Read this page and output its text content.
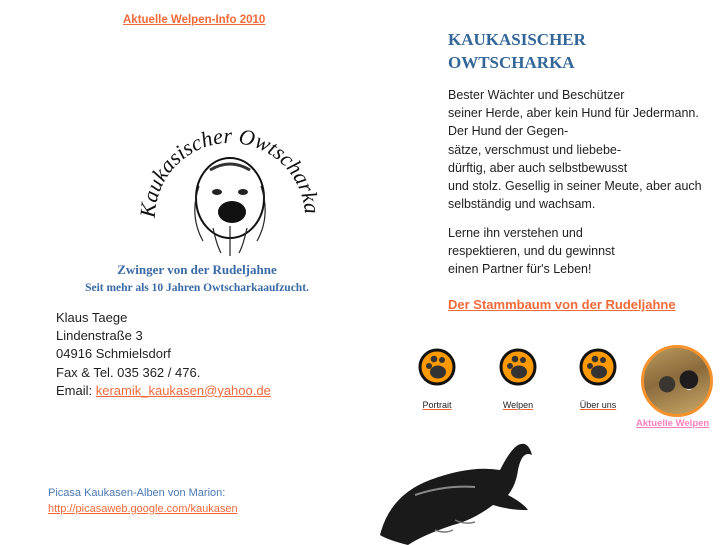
Aktuelle Welpen-Info 2010
Kaukasischer Owtscharka
Zwinger von der Rudeljahne
Seit mehr als 10 Jahren Owtscharkaaufzucht.
Klaus Taege
Lindenstraße 3
04916 Schmielsdorf
Fax & Tel. 035 362 / 476.
Email: keramik_kaukasen@yahoo.de
Picasa Kaukasen-Alben von Marion:
http://picasaweb.google.com/kaukasen
KAUKASISCHER
OWTSCHARKA
Bester Wächter und Beschützer
seiner Herde, aber kein Hund für Jedermann.
Der Hund der Gegen-
sätze, verschmust und liebebe-
dürftig, aber auch selbstbewusst
und stolz. Gesellig in seiner Meute, aber auch
selbständig und wachsam.
Lerne ihn verstehen und
respektieren, und du gewinnst
einen Partner für's Leben!
Der Stammbaum von der Rudeljahne
Portrait	Welpen	Über uns
Aktuelle Welpen
